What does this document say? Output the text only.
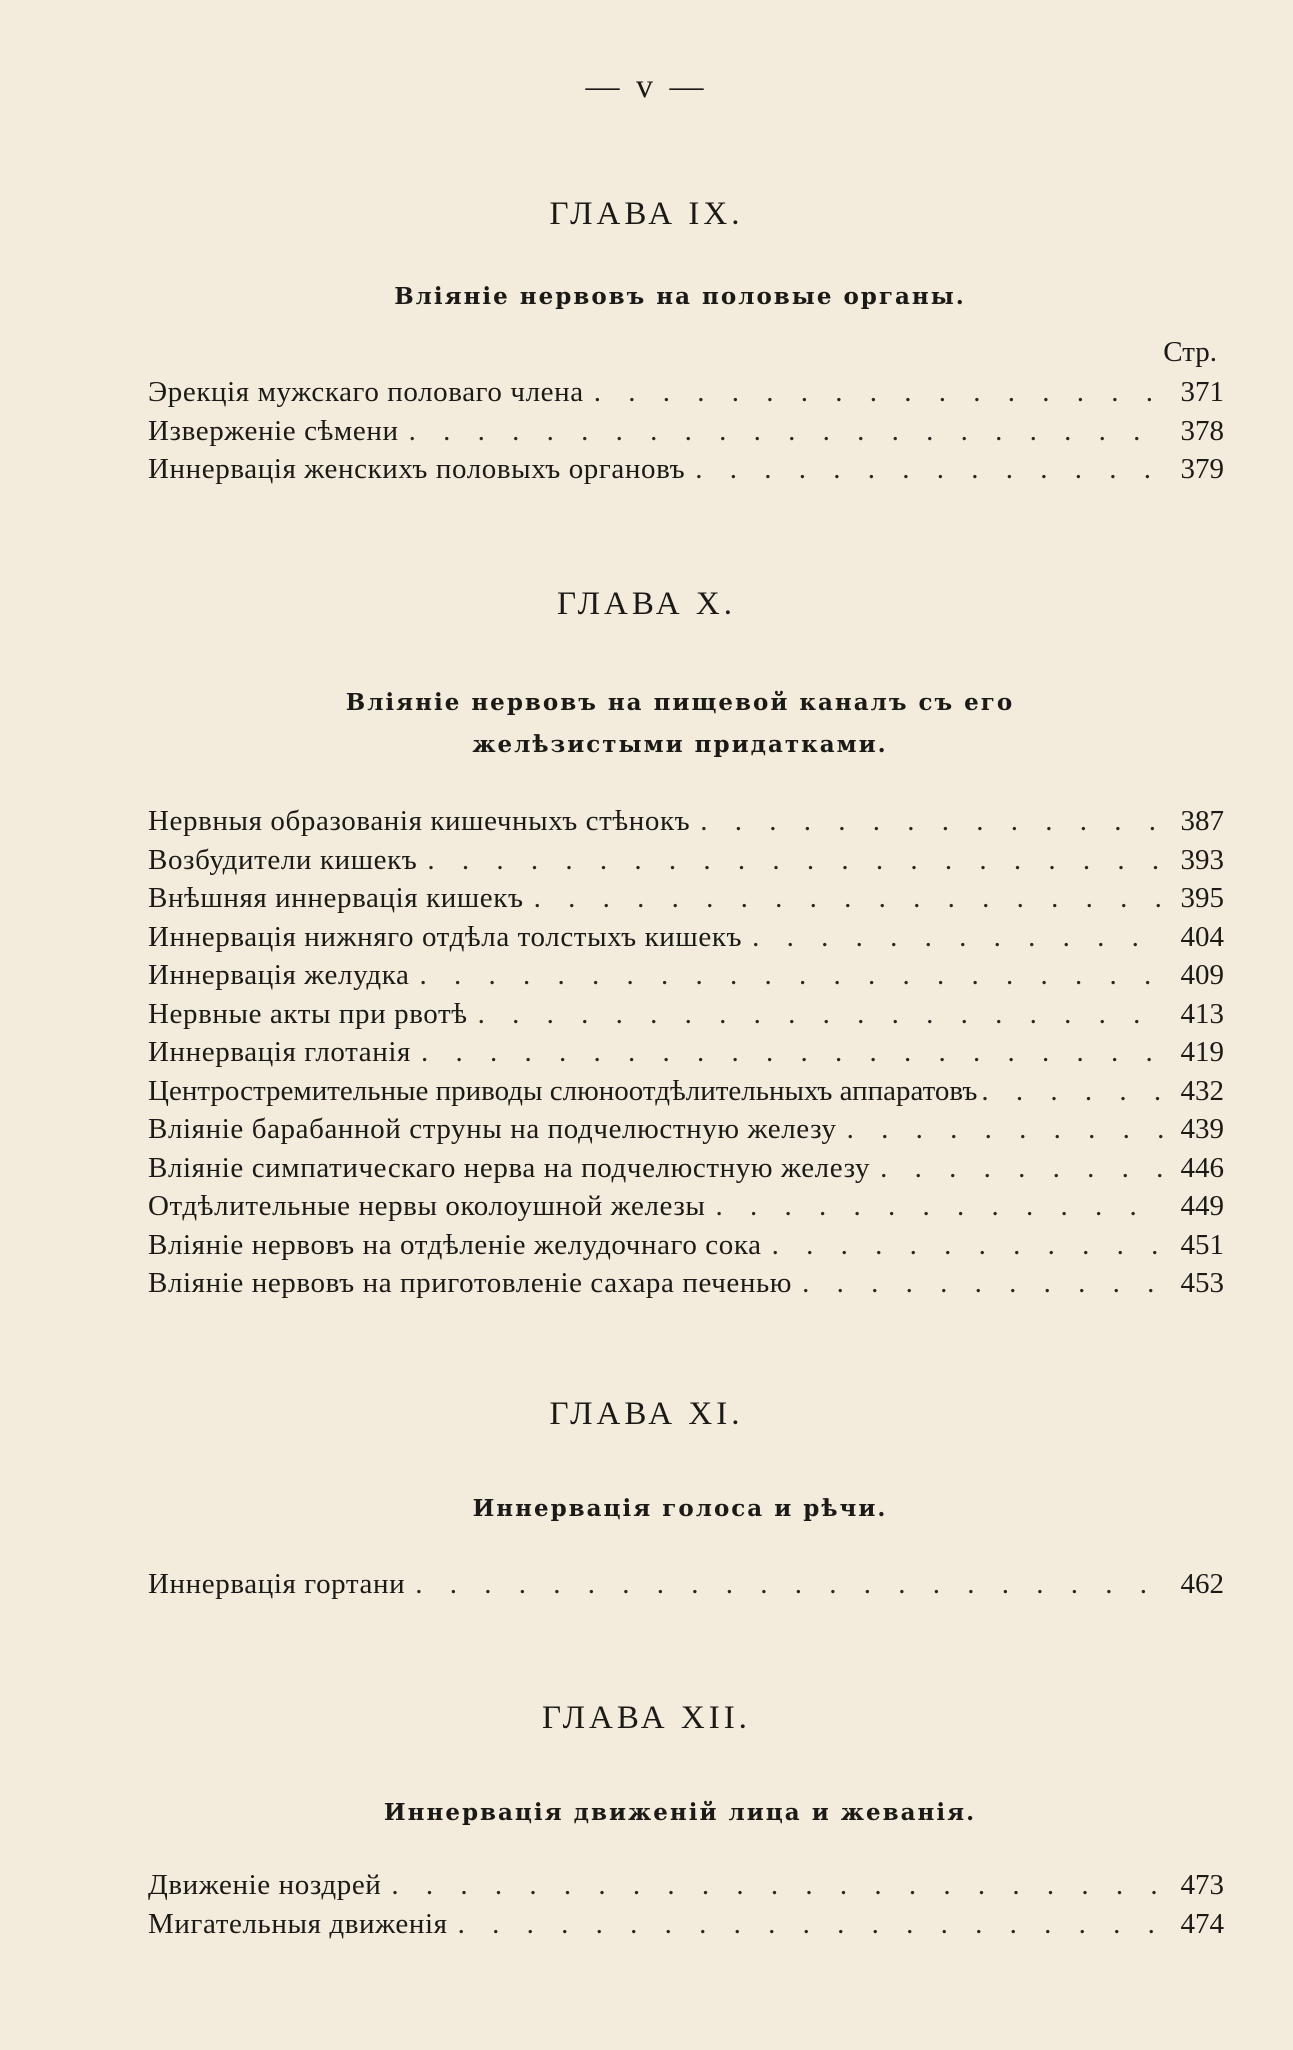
— v —
ГЛАВА IX.
Вліяніе нервовъ на половые органы.
Стр.
Эрекція мужскаго половаго члена . . .	371
Изверженіе сѣмени . . .	378
Иннервація женскихъ половыхъ органовъ . . .	379
ГЛАВА X.
Вліяніе нервовъ на пищевой каналъ съ его желѣзистыми придатками.
Нервныя образованія кишечныхъ стѣнокъ . . .	387
Возбудители кишекъ . . .	393
Внѣшняя иннервація кишекъ . . .	395
Иннервація нижняго отдѣла толстыхъ кишекъ . . .	404
Иннервація желудка . . .	409
Нервные акты при рвотѣ . . .	413
Иннервація глотанія . . .	419
Центростремительные приводы слюноотдѣлительныхъ аппаратовъ . . .	432
Вліяніе барабанной струны на подчелюстную железу . . .	439
Вліяніе симпатическаго нерва на подчелюстную железу . . .	446
Отдѣлительные нервы околоушной железы . . .	449
Вліяніе нервовъ на отдѣленіе желудочнаго сока . . .	451
Вліяніе нервовъ на приготовленіе сахара печенью . . .	453
ГЛАВА XI.
Иннервація голоса и рѣчи.
Иннервація гортани . . .	462
ГЛАВА XII.
Иннервація движеній лица и жеванія.
Движеніе ноздрей . . .	473
Мигательныя движенія . . .	474
